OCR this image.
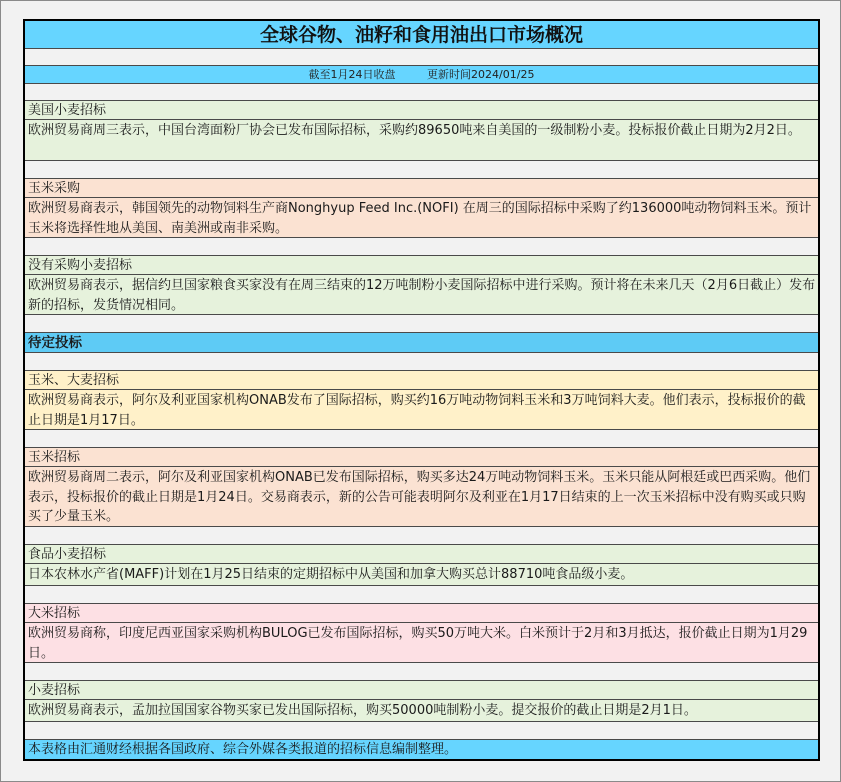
全球谷物、油籽和食用油出口市场概况
截至1月24日收盘	更新时间2024/01/25
美国小麦招标
欧洲贸易商周三表示，中国台湾面粉厂协会已发布国际招标，采购约89650吨来自美国的一级制粉小麦。投标报价截止日期为2月2日。
玉米采购
欧洲贸易商表示，韩国领先的动物饲料生产商Nonghyup Feed Inc.(NOFI) 在周三的国际招标中采购了约136000吨动物饲料玉米。预计玉米将选择性地从美国、南美洲或南非采购。
没有采购小麦招标
欧洲贸易商表示，据信约旦国家粮食买家没有在周三结束的12万吨制粉小麦国际招标中进行采购。预计将在未来几天（2月6日截止）发布新的招标，发货情况相同。
待定投标
玉米、大麦招标
欧洲贸易商表示，阿尔及利亚国家机构ONAB发布了国际招标，购买约16万吨动物饲料玉米和3万吨饲料大麦。他们表示，投标报价的截止日期是1月17日。
玉米招标
欧洲贸易商周二表示，阿尔及利亚国家机构ONAB已发布国际招标，购买多达24万吨动物饲料玉米。玉米只能从阿根廷或巴西采购。他们表示，投标报价的截止日期是1月24日。交易商表示，新的公告可能表明阿尔及利亚在1月17日结束的上一次玉米招标中没有购买或只购买了少量玉米。
食品小麦招标
日本农林水产省(MAFF)计划在1月25日结束的定期招标中从美国和加拿大购买总计88710吨食品级小麦。
大米招标
欧洲贸易商称，印度尼西亚国家采购机构BULOG已发布国际招标，购买50万吨大米。白米预计于2月和3月抵达，报价截止日期为1月29日。
小麦招标
欧洲贸易商表示，孟加拉国国家谷物买家已发出国际招标，购买50000吨制粉小麦。提交报价的截止日期是2月1日。
本表格由汇通财经根据各国政府、综合外媒各类报道的招标信息编制整理。
